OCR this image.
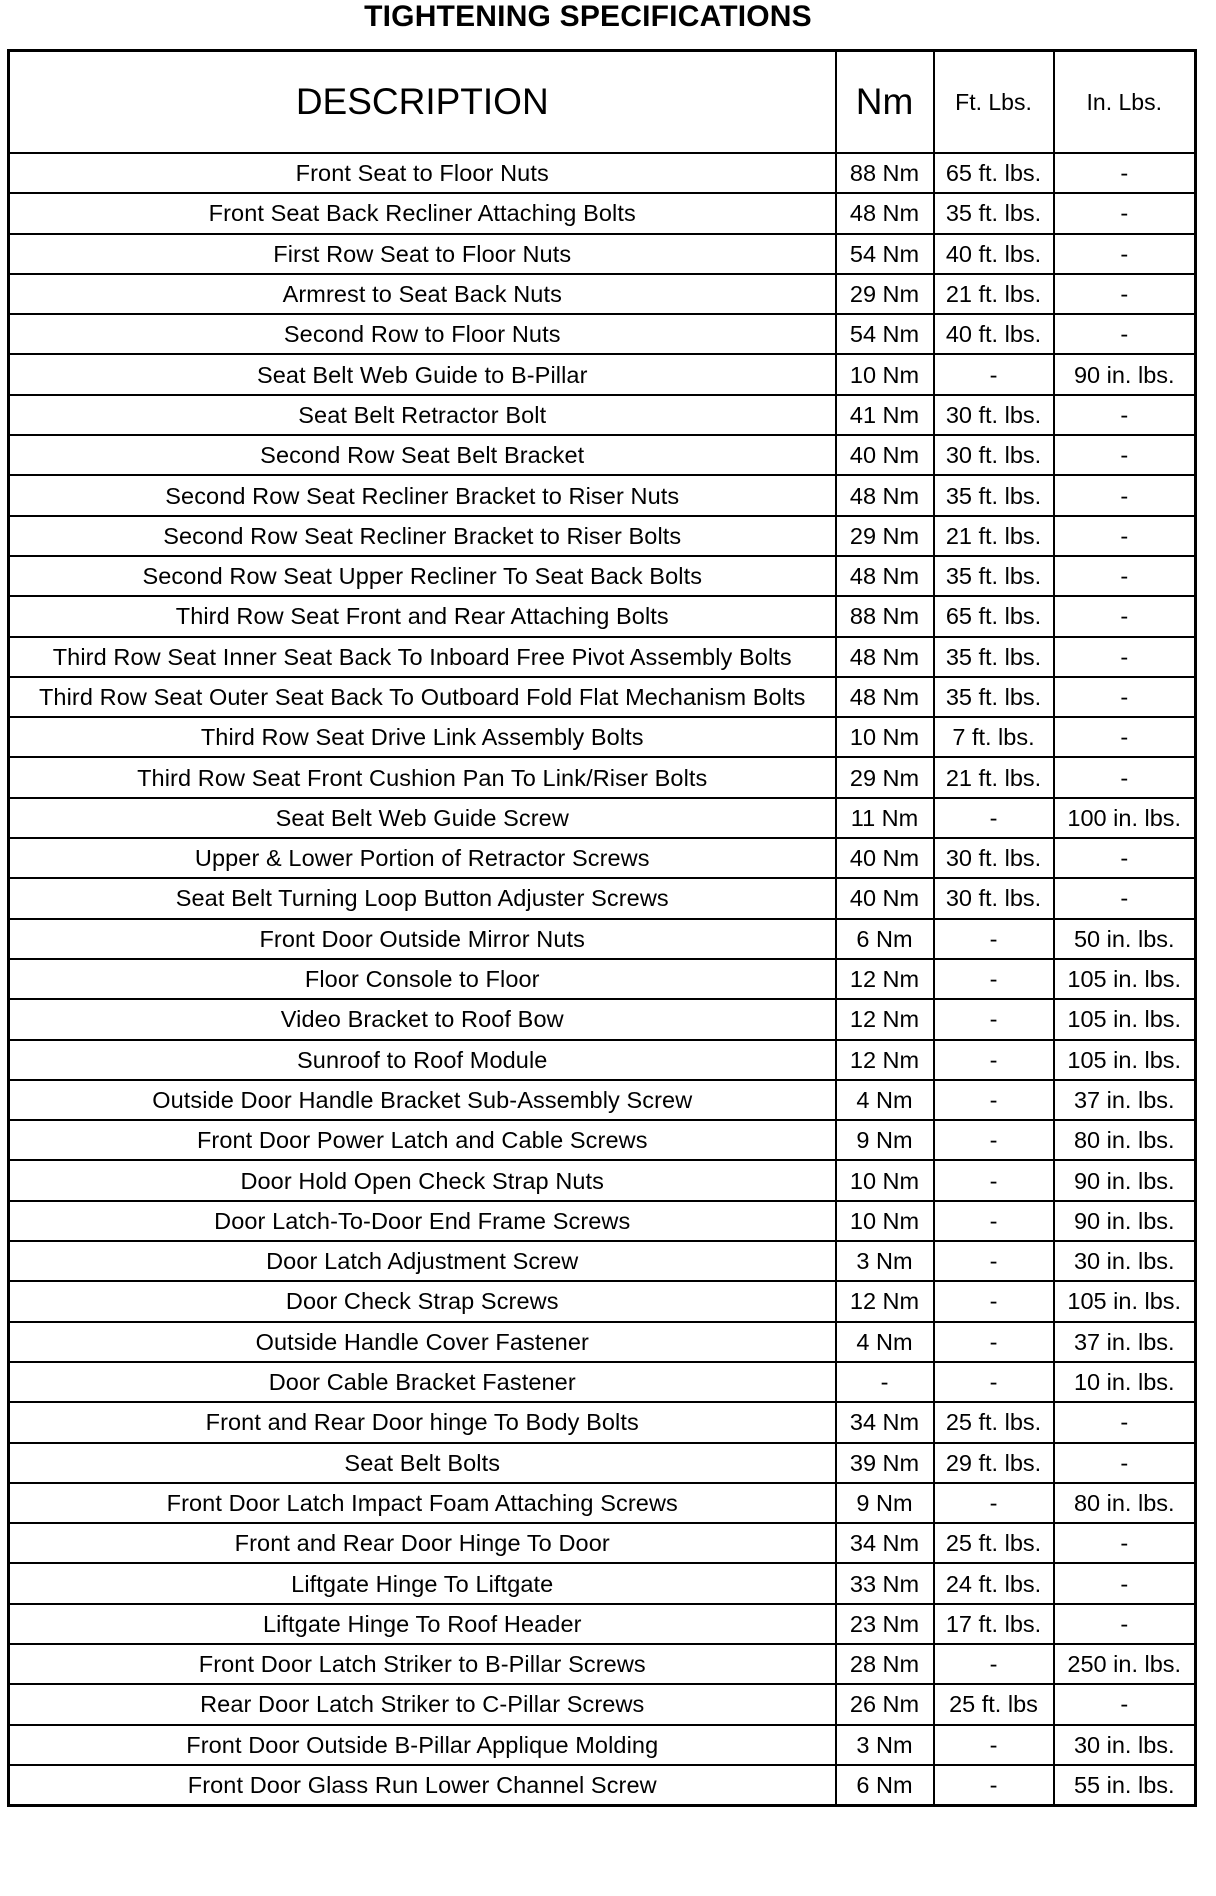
TIGHTENING SPECIFICATIONS
DESCRIPTION	Nm	Ft. Lbs.	In. Lbs.
Front Seat to Floor Nuts	88 Nm	65 ft. lbs.	-
Front Seat Back Recliner Attaching Bolts	48 Nm	35 ft. lbs.	-
First Row Seat to Floor Nuts	54 Nm	40 ft. lbs.	-
Armrest to Seat Back Nuts	29 Nm	21 ft. lbs.	-
Second Row to Floor Nuts	54 Nm	40 ft. lbs.	-
Seat Belt Web Guide to B-Pillar	10 Nm	-	90 in. lbs.
Seat Belt Retractor Bolt	41 Nm	30 ft. lbs.	-
Second Row Seat Belt Bracket	40 Nm	30 ft. lbs.	-
Second Row Seat Recliner Bracket to Riser Nuts	48 Nm	35 ft. lbs.	-
Second Row Seat Recliner Bracket to Riser Bolts	29 Nm	21 ft. lbs.	-
Second Row Seat Upper Recliner To Seat Back Bolts	48 Nm	35 ft. lbs.	-
Third Row Seat Front and Rear Attaching Bolts	88 Nm	65 ft. lbs.	-
Third Row Seat Inner Seat Back To Inboard Free Pivot Assembly Bolts	48 Nm	35 ft. lbs.	-
Third Row Seat Outer Seat Back To Outboard Fold Flat Mechanism Bolts	48 Nm	35 ft. lbs.	-
Third Row Seat Drive Link Assembly Bolts	10 Nm	7 ft. lbs.	-
Third Row Seat Front Cushion Pan To Link/Riser Bolts	29 Nm	21 ft. lbs.	-
Seat Belt Web Guide Screw	11 Nm	-	100 in. lbs.
Upper & Lower Portion of Retractor Screws	40 Nm	30 ft. lbs.	-
Seat Belt Turning Loop Button Adjuster Screws	40 Nm	30 ft. lbs.	-
Front Door Outside Mirror Nuts	6 Nm	-	50 in. lbs.
Floor Console to Floor	12 Nm	-	105 in. lbs.
Video Bracket to Roof Bow	12 Nm	-	105 in. lbs.
Sunroof to Roof Module	12 Nm	-	105 in. lbs.
Outside Door Handle Bracket Sub-Assembly Screw	4 Nm	-	37 in. lbs.
Front Door Power Latch and Cable Screws	9 Nm	-	80 in. lbs.
Door Hold Open Check Strap Nuts	10 Nm	-	90 in. lbs.
Door Latch-To-Door End Frame Screws	10 Nm	-	90 in. lbs.
Door Latch Adjustment Screw	3 Nm	-	30 in. lbs.
Door Check Strap Screws	12 Nm	-	105 in. lbs.
Outside Handle Cover Fastener	4 Nm	-	37 in. lbs.
Door Cable Bracket Fastener	-	-	10 in. lbs.
Front and Rear Door hinge To Body Bolts	34 Nm	25 ft. lbs.	-
Seat Belt Bolts	39 Nm	29 ft. lbs.	-
Front Door Latch Impact Foam Attaching Screws	9 Nm	-	80 in. lbs.
Front and Rear Door Hinge To Door	34 Nm	25 ft. lbs.	-
Liftgate Hinge To Liftgate	33 Nm	24 ft. lbs.	-
Liftgate Hinge To Roof Header	23 Nm	17 ft. lbs.	-
Front Door Latch Striker to B-Pillar Screws	28 Nm	-	250 in. lbs.
Rear Door Latch Striker to C-Pillar Screws	26 Nm	25 ft. lbs	-
Front Door Outside B-Pillar Applique Molding	3 Nm	-	30 in. lbs.
Front Door Glass Run Lower Channel Screw	6 Nm	-	55 in. lbs.
